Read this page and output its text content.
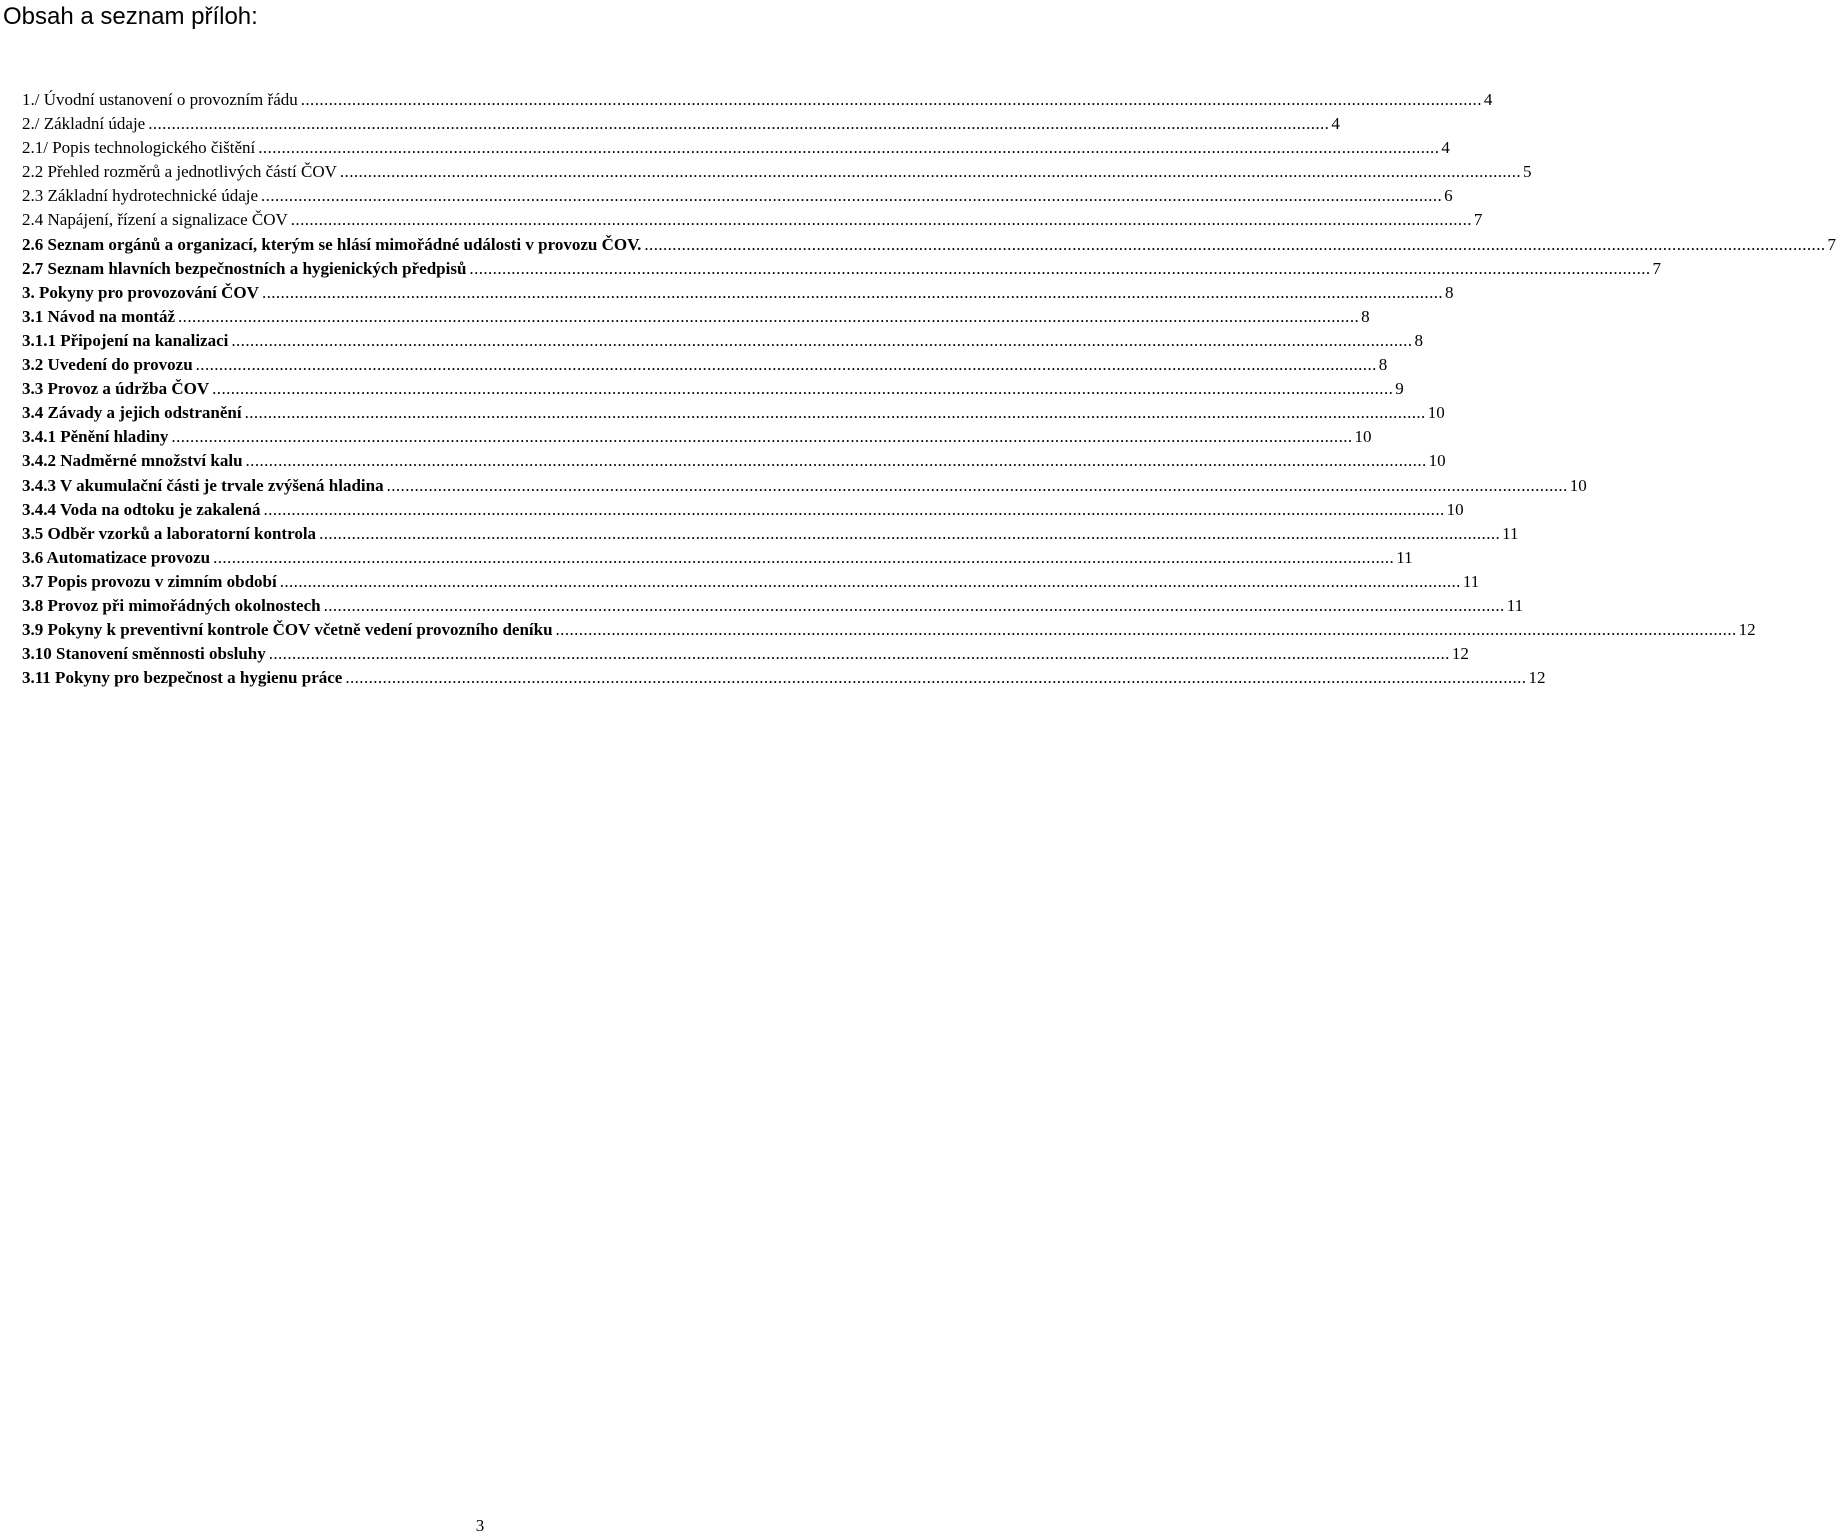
Obsah a seznam příloh:
1./ Úvodní ustanovení o provozním řádu .....	4
2./ Základní údaje .....	4
2.1/ Popis technologického čištění .....	4
2.2 Přehled rozměrů a jednotlivých částí ČOV .....	5
2.3 Základní hydrotechnické údaje .....	6
2.4 Napájení, řízení a signalizace ČOV .....	7
2.6 Seznam orgánů a organizací, kterým se hlásí mimořádné události v provozu ČOV. .....	7
2.7 Seznam hlavních bezpečnostních a hygienických předpisů .....	7
3. Pokyny pro provozování ČOV .....	8
3.1 Návod na montáž .....	8
3.1.1 Připojení na kanalizaci .....	8
3.2 Uvedení do provozu .....	8
3.3 Provoz a údržba ČOV .....	9
3.4 Závady a jejich odstranění .....	10
3.4.1 Pěnění hladiny .....	10
3.4.2 Nadměrné množství kalu .....	10
3.4.3 V akumulační části je trvale zvýšená hladina .....	10
3.4.4 Voda na odtoku je zakalená .....	10
3.5 Odběr vzorků a laboratorní kontrola .....	11
3.6 Automatizace provozu .....	11
3.7 Popis provozu v zimním období .....	11
3.8 Provoz při mimořádných okolnostech .....	11
3.9 Pokyny k preventivní kontrole ČOV včetně vedení provozního deníku .....	12
3.10 Stanovení směnnosti obsluhy .....	12
3.11 Pokyny pro bezpečnost a hygienu práce .....	12
3
